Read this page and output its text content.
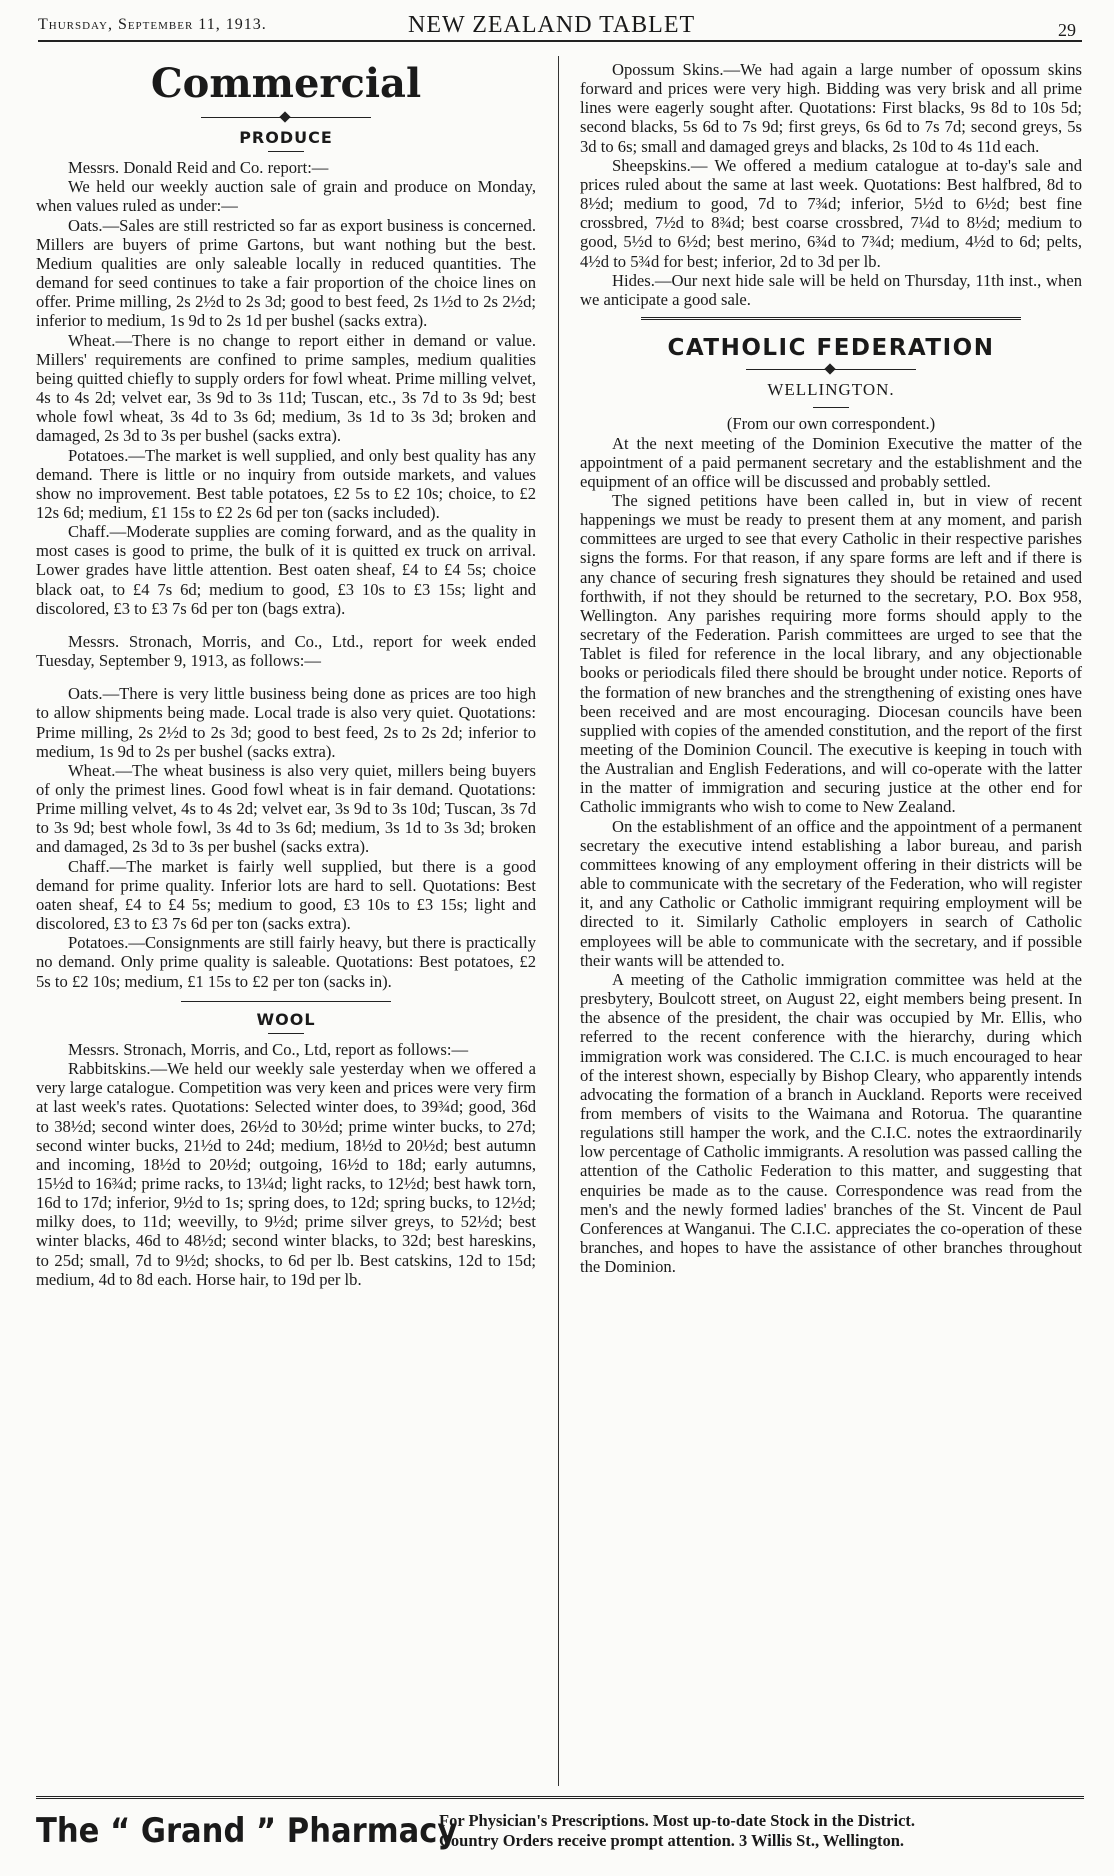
Thursday, September 11, 1913.	NEW ZEALAND TABLET	29
Commercial
PRODUCE

Messrs. Donald Reid and Co. report:—

We held our weekly auction sale of grain and produce on Monday, when values ruled as under:—

Oats.—Sales are still restricted so far as export business is concerned. Millers are buyers of prime Gartons, but want nothing but the best. Medium qualities are only saleable locally in reduced quantities. The demand for seed continues to take a fair proportion of the choice lines on offer. Prime milling, 2s 2½d to 2s 3d; good to best feed, 2s 1½d to 2s 2½d; inferior to medium, 1s 9d to 2s 1d per bushel (sacks extra).

Wheat.—There is no change to report either in demand or value. Millers' requirements are confined to prime samples, medium qualities being quitted chiefly to supply orders for fowl wheat. Prime milling velvet, 4s to 4s 2d; velvet ear, 3s 9d to 3s 11d; Tuscan, etc., 3s 7d to 3s 9d; best whole fowl wheat, 3s 4d to 3s 6d; medium, 3s 1d to 3s 3d; broken and damaged, 2s 3d to 3s per bushel (sacks extra).

Potatoes.—The market is well supplied, and only best quality has any demand. There is little or no inquiry from outside markets, and values show no improvement. Best table potatoes, £2 5s to £2 10s; choice, to £2 12s 6d; medium, £1 15s to £2 2s 6d per ton (sacks included).

Chaff.—Moderate supplies are coming forward, and as the quality in most cases is good to prime, the bulk of it is quitted ex truck on arrival. Lower grades have little attention. Best oaten sheaf, £4 to £4 5s; choice black oat, to £4 7s 6d; medium to good, £3 10s to £3 15s; light and discolored, £3 to £3 7s 6d per ton (bags extra).

Messrs. Stronach, Morris, and Co., Ltd., report for week ended Tuesday, September 9, 1913, as follows:—

Oats.—There is very little business being done as prices are too high to allow shipments being made. Local trade is also very quiet. Quotations: Prime milling, 2s 2½d to 2s 3d; good to best feed, 2s to 2s 2d; inferior to medium, 1s 9d to 2s per bushel (sacks extra).

Wheat.—The wheat business is also very quiet, millers being buyers of only the primest lines. Good fowl wheat is in fair demand. Quotations: Prime milling velvet, 4s to 4s 2d; velvet ear, 3s 9d to 3s 10d; Tuscan, 3s 7d to 3s 9d; best whole fowl, 3s 4d to 3s 6d; medium, 3s 1d to 3s 3d; broken and damaged, 2s 3d to 3s per bushel (sacks extra).

Chaff.—The market is fairly well supplied, but there is a good demand for prime quality. Inferior lots are hard to sell. Quotations: Best oaten sheaf, £4 to £4 5s; medium to good, £3 10s to £3 15s; light and discolored, £3 to £3 7s 6d per ton (sacks extra).

Potatoes.—Consignments are still fairly heavy, but there is practically no demand. Only prime quality is saleable. Quotations: Best potatoes, £2 5s to £2 10s; medium, £1 15s to £2 per ton (sacks in).

WOOL

Messrs. Stronach, Morris, and Co., Ltd, report as follows:—

Rabbitskins.—We held our weekly sale yesterday when we offered a very large catalogue. Competition was very keen and prices were very firm at last week's rates. Quotations: Selected winter does, to 39¾d; good, 36d to 38½d; second winter does, 26½d to 30½d; prime winter bucks, to 27d; second winter bucks, 21½d to 24d; medium, 18½d to 20½d; best autumn and incoming, 18½d to 20½d; outgoing, 16½d to 18d; early autumns, 15½d to 16¾d; prime racks, to 13¼d; light racks, to 12½d; best hawk torn, 16d to 17d; inferior, 9½d to 1s; spring does, to 12d; spring bucks, to 12½d; milky does, to 11d; weevilly, to 9½d; prime silver greys, to 52½d; best winter blacks, 46d to 48½d; second winter blacks, to 32d; best hareskins, to 25d; small, 7d to 9½d; shocks, to 6d per lb. Best catskins, 12d to 15d; medium, 4d to 8d each. Horse hair, to 19d per lb.

Opossum Skins.—We had again a large number of opossum skins forward and prices were very high. Bidding was very brisk and all prime lines were eagerly sought after. Quotations: First blacks, 9s 8d to 10s 5d; second blacks, 5s 6d to 7s 9d; first greys, 6s 6d to 7s 7d; second greys, 5s 3d to 6s; small and damaged greys and blacks, 2s 10d to 4s 11d each.

Sheepskins.— We offered a medium catalogue at to-day's sale and prices ruled about the same at last week. Quotations: Best halfbred, 8d to 8½d; medium to good, 7d to 7¾d; inferior, 5½d to 6½d; best fine crossbred, 7½d to 8¾d; best coarse crossbred, 7¼d to 8½d; medium to good, 5½d to 6½d; best merino, 6¾d to 7¾d; medium, 4½d to 6d; pelts, 4½d to 5¾d for best; inferior, 2d to 3d per lb.

Hides.—Our next hide sale will be held on Thursday, 11th inst., when we anticipate a good sale.

CATHOLIC FEDERATION
WELLINGTON.

(From our own correspondent.)

At the next meeting of the Dominion Executive the matter of the appointment of a paid permanent secretary and the establishment and the equipment of an office will be discussed and probably settled.

The signed petitions have been called in, but in view of recent happenings we must be ready to present them at any moment, and parish committees are urged to see that every Catholic in their respective parishes signs the forms. For that reason, if any spare forms are left and if there is any chance of securing fresh signatures they should be retained and used forthwith, if not they should be returned to the secretary, P.O. Box 958, Wellington. Any parishes requiring more forms should apply to the secretary of the Federation. Parish committees are urged to see that the Tablet is filed for reference in the local library, and any objectionable books or periodicals filed there should be brought under notice. Reports of the formation of new branches and the strengthening of existing ones have been received and are most encouraging. Diocesan councils have been supplied with copies of the amended constitution, and the report of the first meeting of the Dominion Council. The executive is keeping in touch with the Australian and English Federations, and will co-operate with the latter in the matter of immigration and securing justice at the other end for Catholic immigrants who wish to come to New Zealand.

On the establishment of an office and the appointment of a permanent secretary the executive intend establishing a labor bureau, and parish committees knowing of any employment offering in their districts will be able to communicate with the secretary of the Federation, who will register it, and any Catholic or Catholic immigrant requiring employment will be directed to it. Similarly Catholic employers in search of Catholic employees will be able to communicate with the secretary, and if possible their wants will be attended to.

A meeting of the Catholic immigration committee was held at the presbytery, Boulcott street, on August 22, eight members being present. In the absence of the president, the chair was occupied by Mr. Ellis, who referred to the recent conference with the hierarchy, during which immigration work was considered. The C.I.C. is much encouraged to hear of the interest shown, especially by Bishop Cleary, who apparently intends advocating the formation of a branch in Auckland. Reports were received from members of visits to the Waimana and Rotorua. The quarantine regulations still hamper the work, and the C.I.C. notes the extraordinarily low percentage of Catholic immigrants. A resolution was passed calling the attention of the Catholic Federation to this matter, and suggesting that enquiries be made as to the cause. Correspondence was read from the men's and the newly formed ladies' branches of the St. Vincent de Paul Conferences at Wanganui. The C.I.C. appreciates the co-operation of these branches, and hopes to have the assistance of other branches throughout the Dominion.

The “ Grand ” Pharmacy
For Physician's Prescriptions. Most up-to-date Stock in the District.
Country Orders receive prompt attention. 3 Willis St., Wellington.
